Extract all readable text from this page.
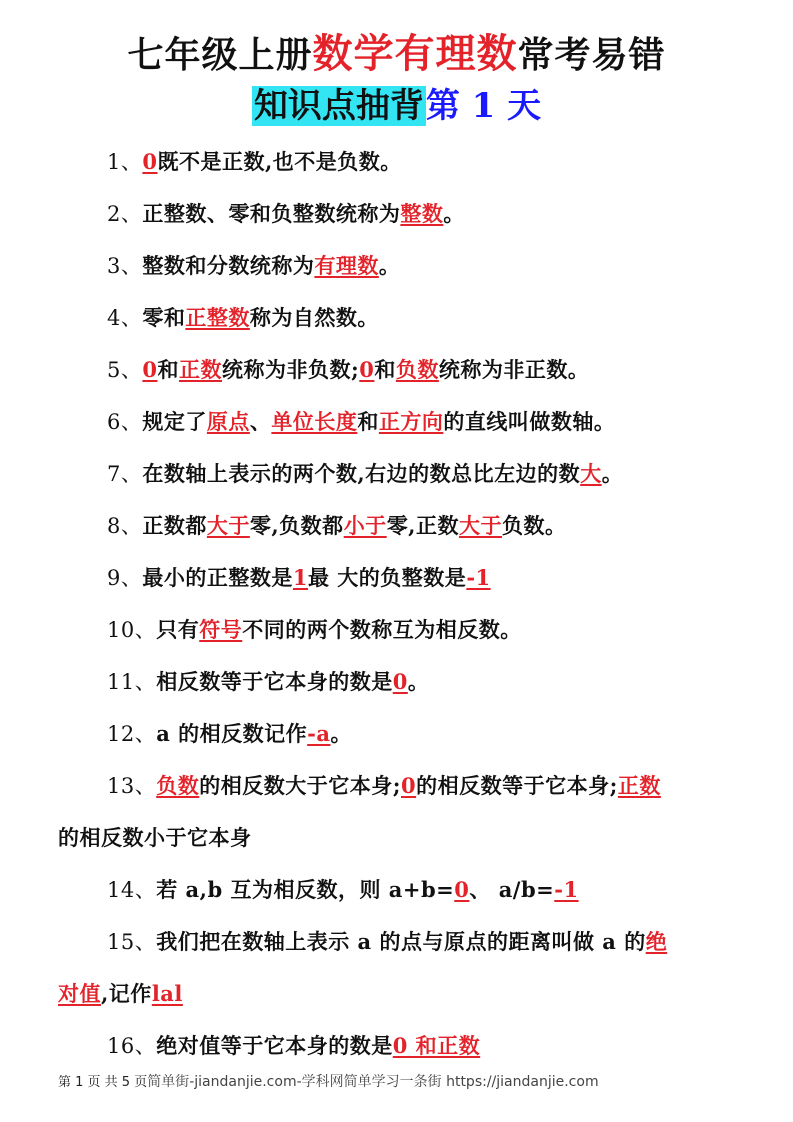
七年级上册数学有理数常考易错
知识点抽背第 1 天
1、0既不是正数,也不是负数。
2、正整数、零和负整数统称为整数。
3、整数和分数统称为有理数。
4、零和正整数称为自然数。
5、0和正数统称为非负数;0和负数统称为非正数。
6、规定了原点、单位长度和正方向的直线叫做数轴。
7、在数轴上表示的两个数,右边的数总比左边的数大。
8、正数都大于零,负数都小于零,正数大于负数。
9、最小的正整数是1最 大的负整数是-1
10、只有符号不同的两个数称互为相反数。
11、相反数等于它本身的数是0。
12、a 的相反数记作-a。
13、负数的相反数大于它本身;0的相反数等于它本身;正数
的相反数小于它本身
14、若 a,b 互为相反数，则 a+b=0、 a/b=-1
15、我们把在数轴上表示 a 的点与原点的距离叫做 a 的绝
对值,记作lal
16、绝对值等于它本身的数是0 和正数
第 1 页 共 5 页简单街-jiandanjie.com-学科网简单学习一条街 https://jiandanjie.com
